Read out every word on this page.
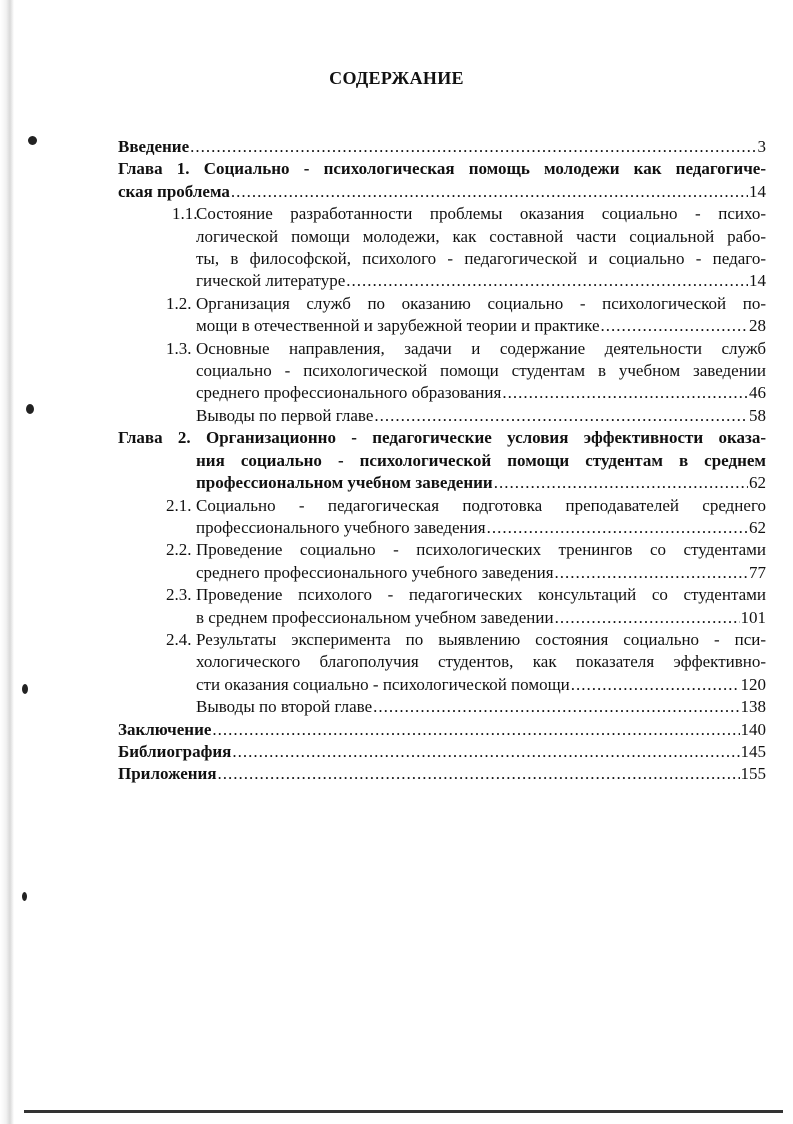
СОДЕРЖАНИЕ
Введение .....	3
Глава 1. Социально - психологическая помощь молодежи как педагогиче-
ская проблема .....	14
1.1.
Состояние разработанности проблемы оказания социально - психо-
логической помощи молодежи, как составной части социальной рабо-
ты, в философской, психолого - педагогической и социально - педаго-
гической литературе .....	14
1.2. Организация служб по оказанию социально - психологической по-
мощи в отечественной и зарубежной теории и практике .....	28
1.3. Основные направления, задачи и содержание деятельности служб
социально - психологической помощи студентам в учебном заведении
среднего профессионального образования .....	46
Выводы по первой главе .....	58
Глава 2. Организационно - педагогические условия эффективности оказа-
ния социально - психологической помощи студентам в среднем
профессиональном учебном заведении .....	62
2.1. Социально - педагогическая подготовка преподавателей среднего
профессионального учебного заведения .....	62
2.2. Проведение социально - психологических тренингов со студентами
среднего профессионального учебного заведения .....	77
2.3. Проведение психолого - педагогических консультаций со студентами
в среднем профессиональном учебном заведении .....	101
2.4. Результаты эксперимента по выявлению состояния социально - пси-
хологического благополучия студентов, как показателя эффективно-
сти оказания социально - психологической помощи .....	120
Выводы по второй главе .....	138
Заключение .....	140
Библиография .....	145
Приложения .....	155
